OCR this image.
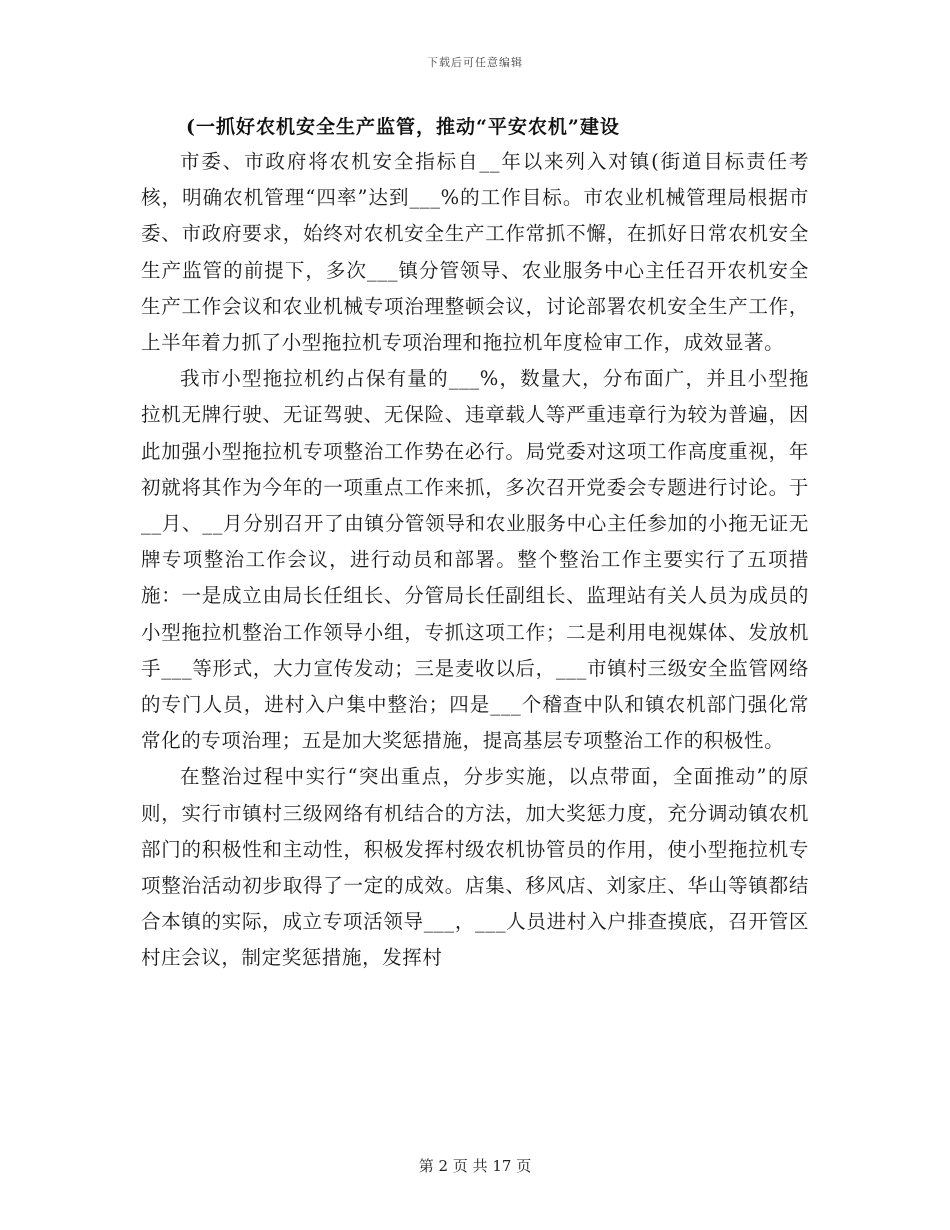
下载后可任意编辑
(一抓好农机安全生产监管，推动“平安农机”建设

市委、市政府将农机安全指标自__年以来列入对镇(街道目标责任考核，明确农机管理“四率”达到___%的工作目标。市农业机械管理局根据市委、市政府要求，始终对农机安全生产工作常抓不懈，在抓好日常农机安全生产监管的前提下，多次___镇分管领导、农业服务中心主任召开农机安全生产工作会议和农业机械专项治理整顿会议，讨论部署农机安全生产工作，上半年着力抓了小型拖拉机专项治理和拖拉机年度检审工作，成效显著。

我市小型拖拉机约占保有量的___%，数量大，分布面广，并且小型拖拉机无牌行驶、无证驾驶、无保险、违章载人等严重违章行为较为普遍，因此加强小型拖拉机专项整治工作势在必行。局党委对这项工作高度重视，年初就将其作为今年的一项重点工作来抓，多次召开党委会专题进行讨论。于__月、__月分别召开了由镇分管领导和农业服务中心主任参加的小拖无证无牌专项整治工作会议，进行动员和部署。整个整治工作主要实行了五项措施：一是成立由局长任组长、分管局长任副组长、监理站有关人员为成员的小型拖拉机整治工作领导小组，专抓这项工作；二是利用电视媒体、发放机手___等形式，大力宣传发动；三是麦收以后，___市镇村三级安全监管网络的专门人员，进村入户集中整治；四是___个稽查中队和镇农机部门强化常常化的专项治理；五是加大奖惩措施，提高基层专项整治工作的积极性。

在整治过程中实行“突出重点，分步实施，以点带面，全面推动”的原则，实行市镇村三级网络有机结合的方法，加大奖惩力度，充分调动镇农机部门的积极性和主动性，积极发挥村级农机协管员的作用，使小型拖拉机专项整治活动初步取得了一定的成效。店集、移风店、刘家庄、华山等镇都结合本镇的实际，成立专项活领导___，___人员进村入户排查摸底，召开管区村庄会议，制定奖惩措施，发挥村

第 2 页 共 17 页
